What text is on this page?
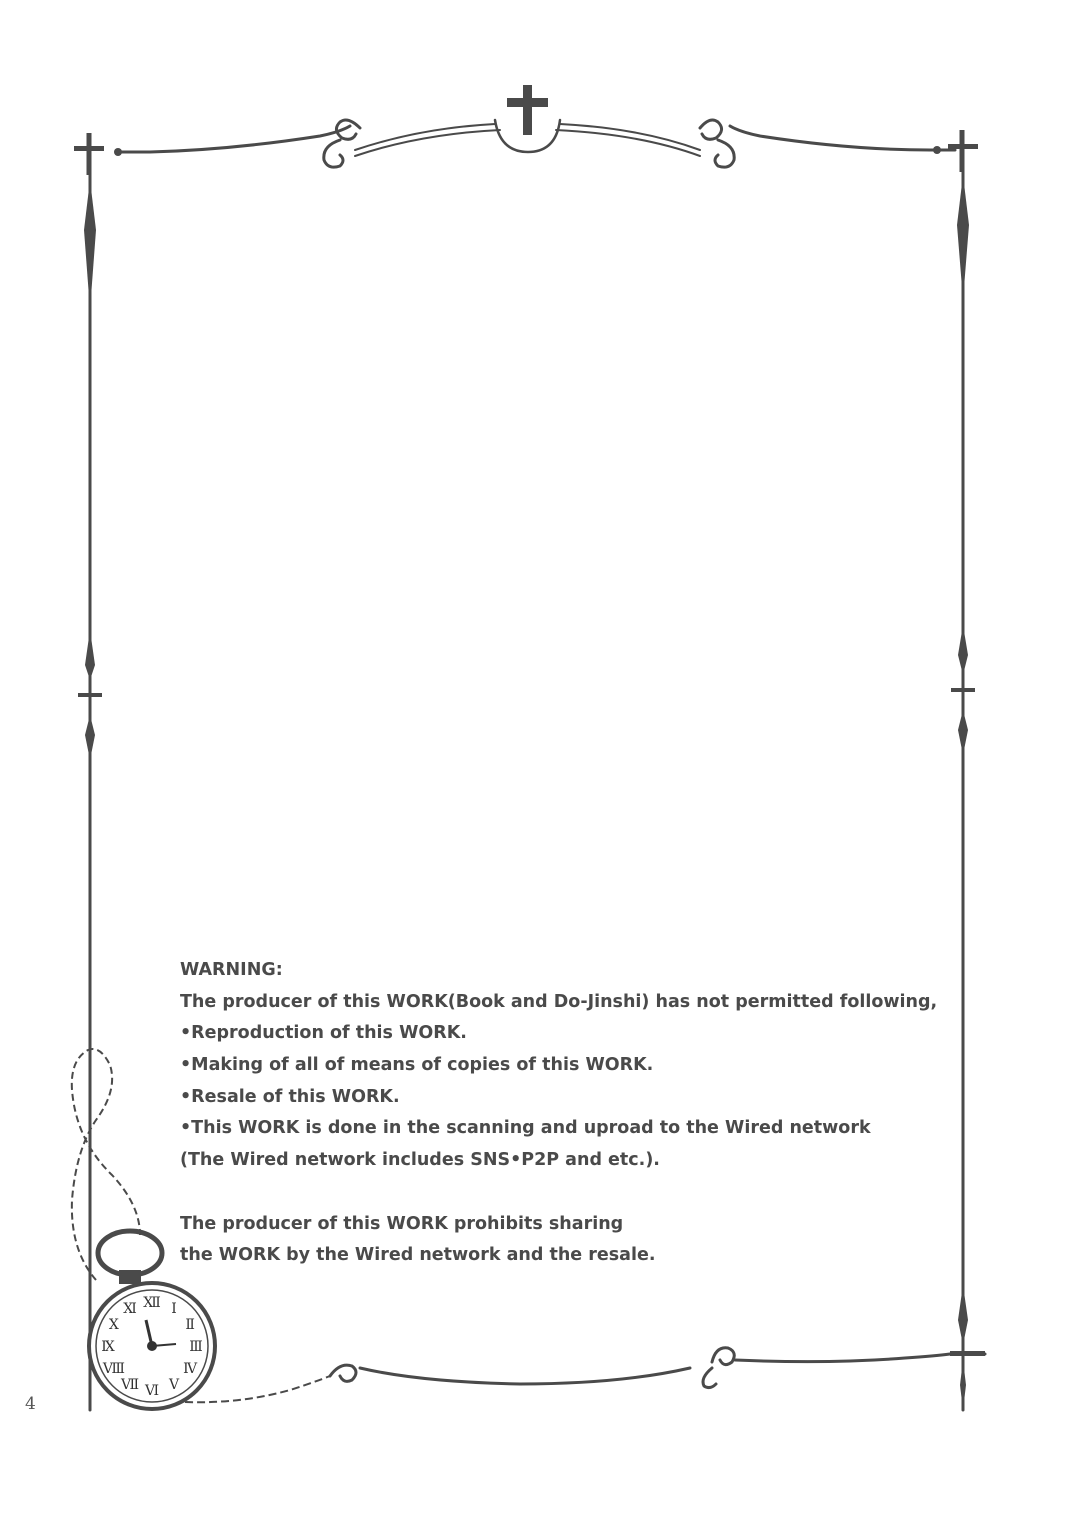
Ⅻ Ⅰ
Ⅱ
Ⅲ
Ⅳ
Ⅴ
Ⅵ
Ⅶ
Ⅷ
Ⅸ
Ⅹ
Ⅺ
WARNING:
The producer of this WORK(Book and Do-Jinshi) has not permitted following,
•Reproduction of this WORK.
•Making of all of means of copies of this WORK.
•Resale of this WORK.
•This WORK is done in the scanning and uproad to the Wired network
(The Wired network includes SNS•P2P and etc.).
The producer of this WORK prohibits sharing
the WORK by the Wired network and the resale.
4
